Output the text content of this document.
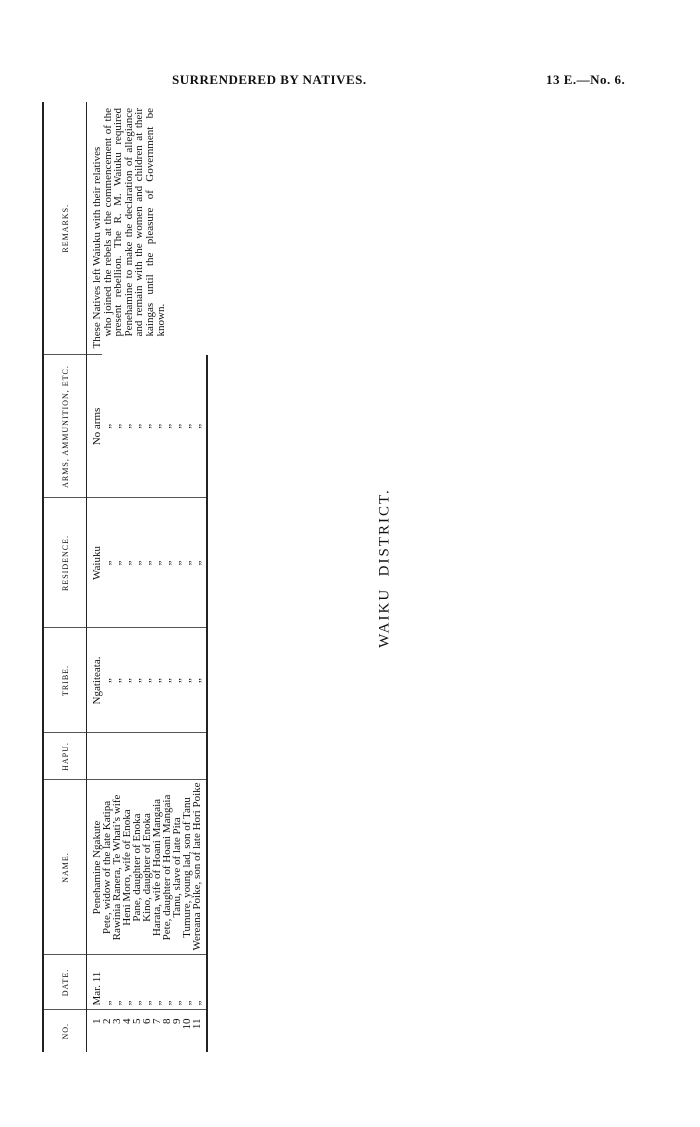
SURRENDERED BY NATIVES.	13 E.—No. 6.
WAIKU  DISTRICT.
NO.	DATE.	NAME.	HAPU.	TRIBE.	RESIDENCE.	ARMS, AMMUNITION, ETC.	REMARKS.
1	Mar. 11	Penehamine Ngakute		Ngatiteata.	Waiuku	No arms	These Natives left Waiuku with their relatives
who joined the rebels at the commencement of the present rebellion. The R. M. Waiuku required Penehamine to make the declaration of allegiance and remain with the women and children at their kaingas until the pleasure of Government be known.

2	„	Pete, widow of the late Katipa		„	„	„	
3	„	Rawinia Ranera, Te Whati’s wife		„	„	„	
4	„	Heni Moro, wife of Enoka		„	„	„	
5	„	Pane, daughter of Enoka		„	„	„	
6	„	Kino, daughter of Enoka		„	„	„	
7	„	Harata, wife of Hoani Mangaia		„	„	„	
8	„	Pete, daughter of Hoani Mangaia		„	„	„	
9	„	Tanu, slave of late Pita		„	„	„	
10	„	Tumure, young lad, son of Tanu		„	„	„	
11	„	Wereana Poike, son of late Hori Poike		„	„	„	
